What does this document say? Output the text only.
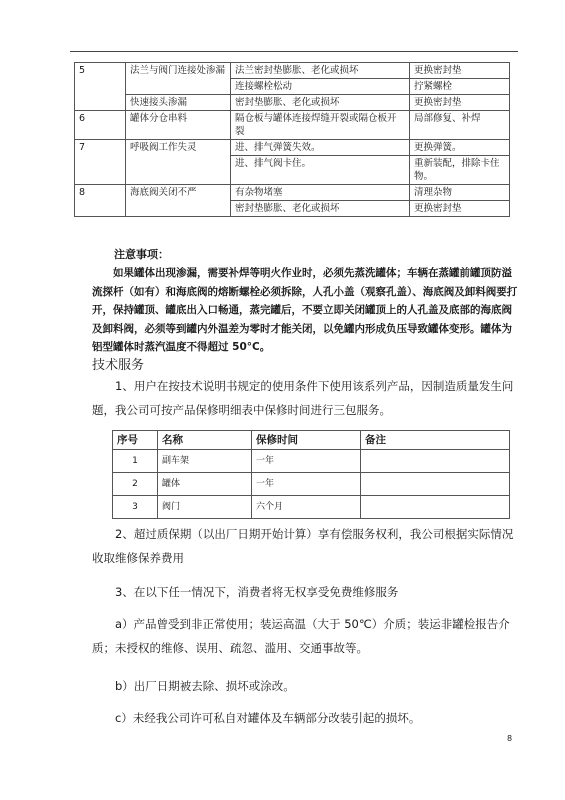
5	法兰与阀门连接处渗漏	法兰密封垫膨胀、老化或损坏	更换密封垫
		连接螺栓松动	拧紧螺栓
	快速接头渗漏	密封垫膨胀、老化或损坏	更换密封垫
6	罐体分仓串料	隔仓板与罐体连接焊缝开裂或隔仓板开裂	局部修复、补焊
7	呼吸阀工作失灵	进、排气弹簧失效。	更换弹簧。
		进、排气阀卡住。	重新装配，排除卡住物。
8	海底阀关闭不严	有杂物堵塞	清理杂物
		密封垫膨胀、老化或损坏	更换密封垫
注意事项：

如果罐体出现渗漏，需要补焊等明火作业时，必须先蒸洗罐体；车辆在蒸罐前罐顶防溢流探杆（如有）和海底阀的熔断螺栓必须拆除，人孔小盖（观察孔盖）、海底阀及卸料阀要打开，保持罐顶、罐底出入口畅通，蒸完罐后，不要立即关闭罐顶上的人孔盖及底部的海底阀及卸料阀，必须等到罐内外温差为零时才能关闭，以免罐内形成负压导致罐体变形。罐体为铝型罐体时蒸汽温度不得超过 50°C。

技术服务

1、用户在按技术说明书规定的使用条件下使用该系列产品，因制造质量发生问题，我公司可按产品保修明细表中保修时间进行三包服务。

序号	名称	保修时间	备注
1	副车架	一年	
2	罐体	一年	
3	阀门	六个月	

2、超过质保期（以出厂日期开始计算）享有偿服务权利，我公司根据实际情况收取维修保养费用

3、在以下任一情况下，消费者将无权享受免费维修服务

a）产品曾受到非正常使用；装运高温（大于 50℃）介质；装运非罐检报告介质；未授权的维修、误用、疏忽、滥用、交通事故等。

b）出厂日期被去除、损坏或涂改。

c）未经我公司许可私自对罐体及车辆部分改装引起的损坏。

8
